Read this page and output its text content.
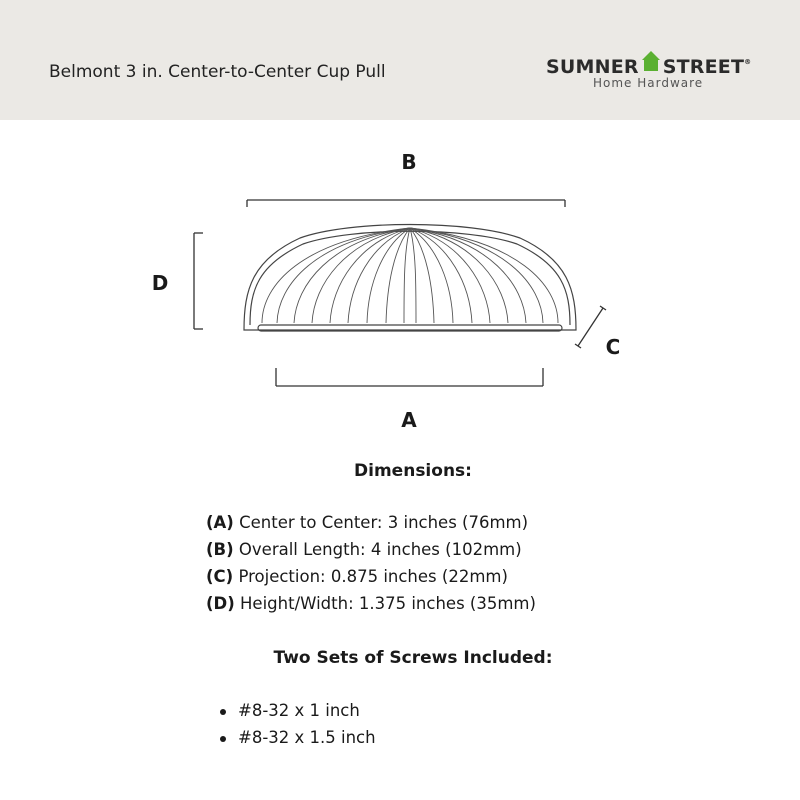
Belmont 3 in. Center-to-Center Cup Pull	SUMNER STREET®
Home Hardware
B
D
C
A
Dimensions:
(A) Center to Center: 3 inches (76mm)
(B) Overall Length: 4 inches (102mm)
(C) Projection: 0.875 inches (22mm)
(D) Height/Width: 1.375 inches (35mm)
Two Sets of Screws Included:
#8-32 x 1 inch
#8-32 x 1.5 inch
